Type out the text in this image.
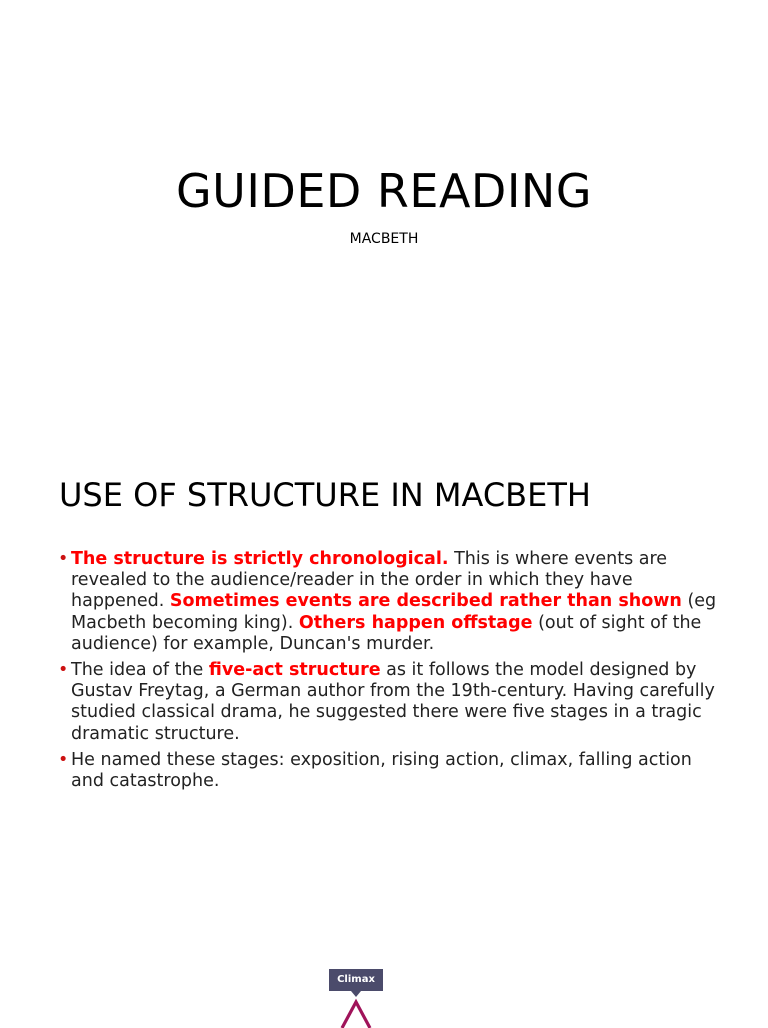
GUIDED READING

MACBETH

USE OF STRUCTURE IN MACBETH
• The structure is strictly chronological. This is where events are revealed to the audience/reader in the order in which they have happened. Sometimes events are described rather than shown (eg Macbeth becoming king). Others happen offstage (out of sight of the audience) for example, Duncan's murder.
• The idea of the five-act structure as it follows the model designed by Gustav Freytag, a German author from the 19th-century. Having carefully studied classical drama, he suggested there were five stages in a tragic dramatic structure.
• He named these stages: exposition, rising action, climax, falling action and catastrophe.
Climax
